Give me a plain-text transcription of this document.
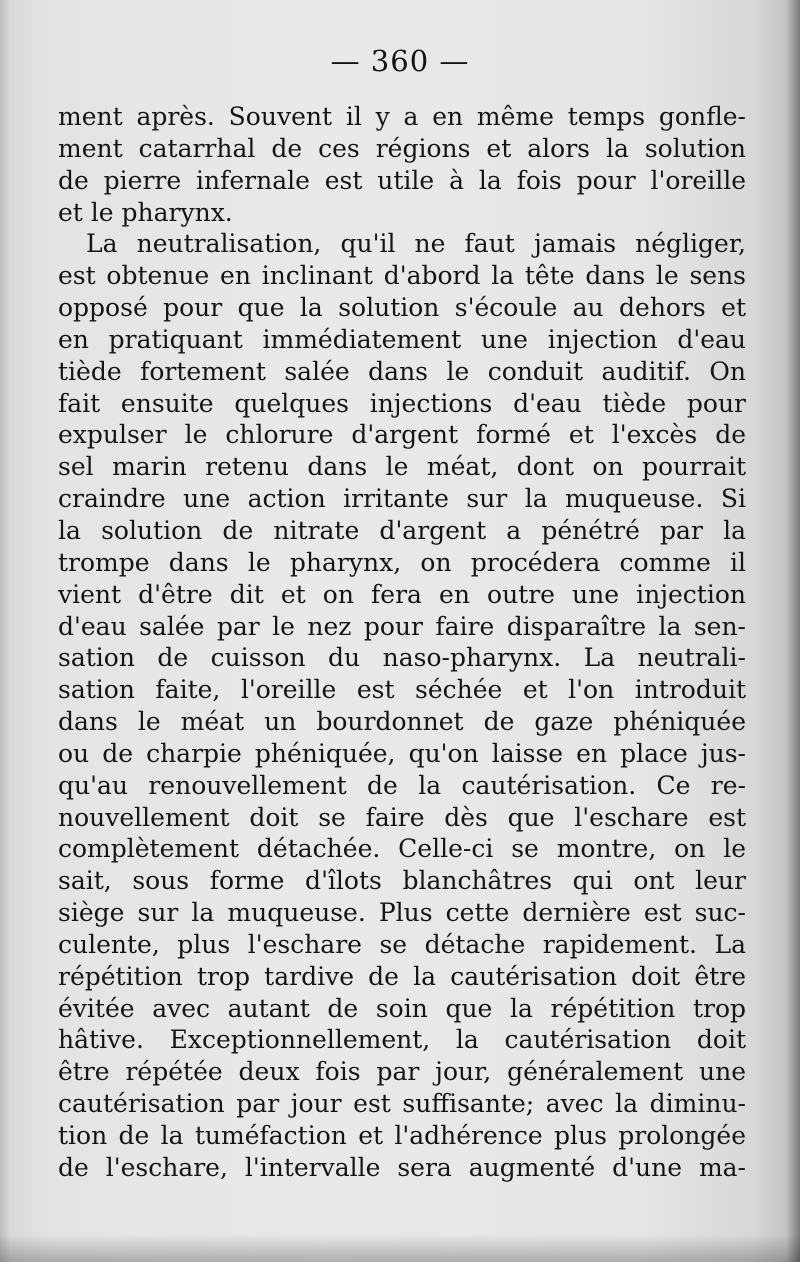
— 360 —
ment après. Souvent il y a en même temps gonfle-
ment catarrhal de ces régions et alors la solution
de pierre infernale est utile à la fois pour l'oreille
et le pharynx.
La neutralisation, qu'il ne faut jamais négliger,
est obtenue en inclinant d'abord la tête dans le sens
opposé pour que la solution s'écoule au dehors et
en pratiquant immédiatement une injection d'eau
tiède fortement salée dans le conduit auditif. On
fait ensuite quelques injections d'eau tiède pour
expulser le chlorure d'argent formé et l'excès de
sel marin retenu dans le méat, dont on pourrait
craindre une action irritante sur la muqueuse. Si
la solution de nitrate d'argent a pénétré par la
trompe dans le pharynx, on procédera comme il
vient d'être dit et on fera en outre une injection
d'eau salée par le nez pour faire disparaître la sen-
sation de cuisson du naso-pharynx. La neutrali-
sation faite, l'oreille est séchée et l'on introduit
dans le méat un bourdonnet de gaze phéniquée
ou de charpie phéniquée, qu'on laisse en place jus-
qu'au renouvellement de la cautérisation. Ce re-
nouvellement doit se faire dès que l'eschare est
complètement détachée. Celle-ci se montre, on le
sait, sous forme d'îlots blanchâtres qui ont leur
siège sur la muqueuse. Plus cette dernière est suc-
culente, plus l'eschare se détache rapidement. La
répétition trop tardive de la cautérisation doit être
évitée avec autant de soin que la répétition trop
hâtive. Exceptionnellement, la cautérisation doit
être répétée deux fois par jour, généralement une
cautérisation par jour est suffisante; avec la diminu-
tion de la tuméfaction et l'adhérence plus prolongée
de l'eschare, l'intervalle sera augmenté d'une ma-
